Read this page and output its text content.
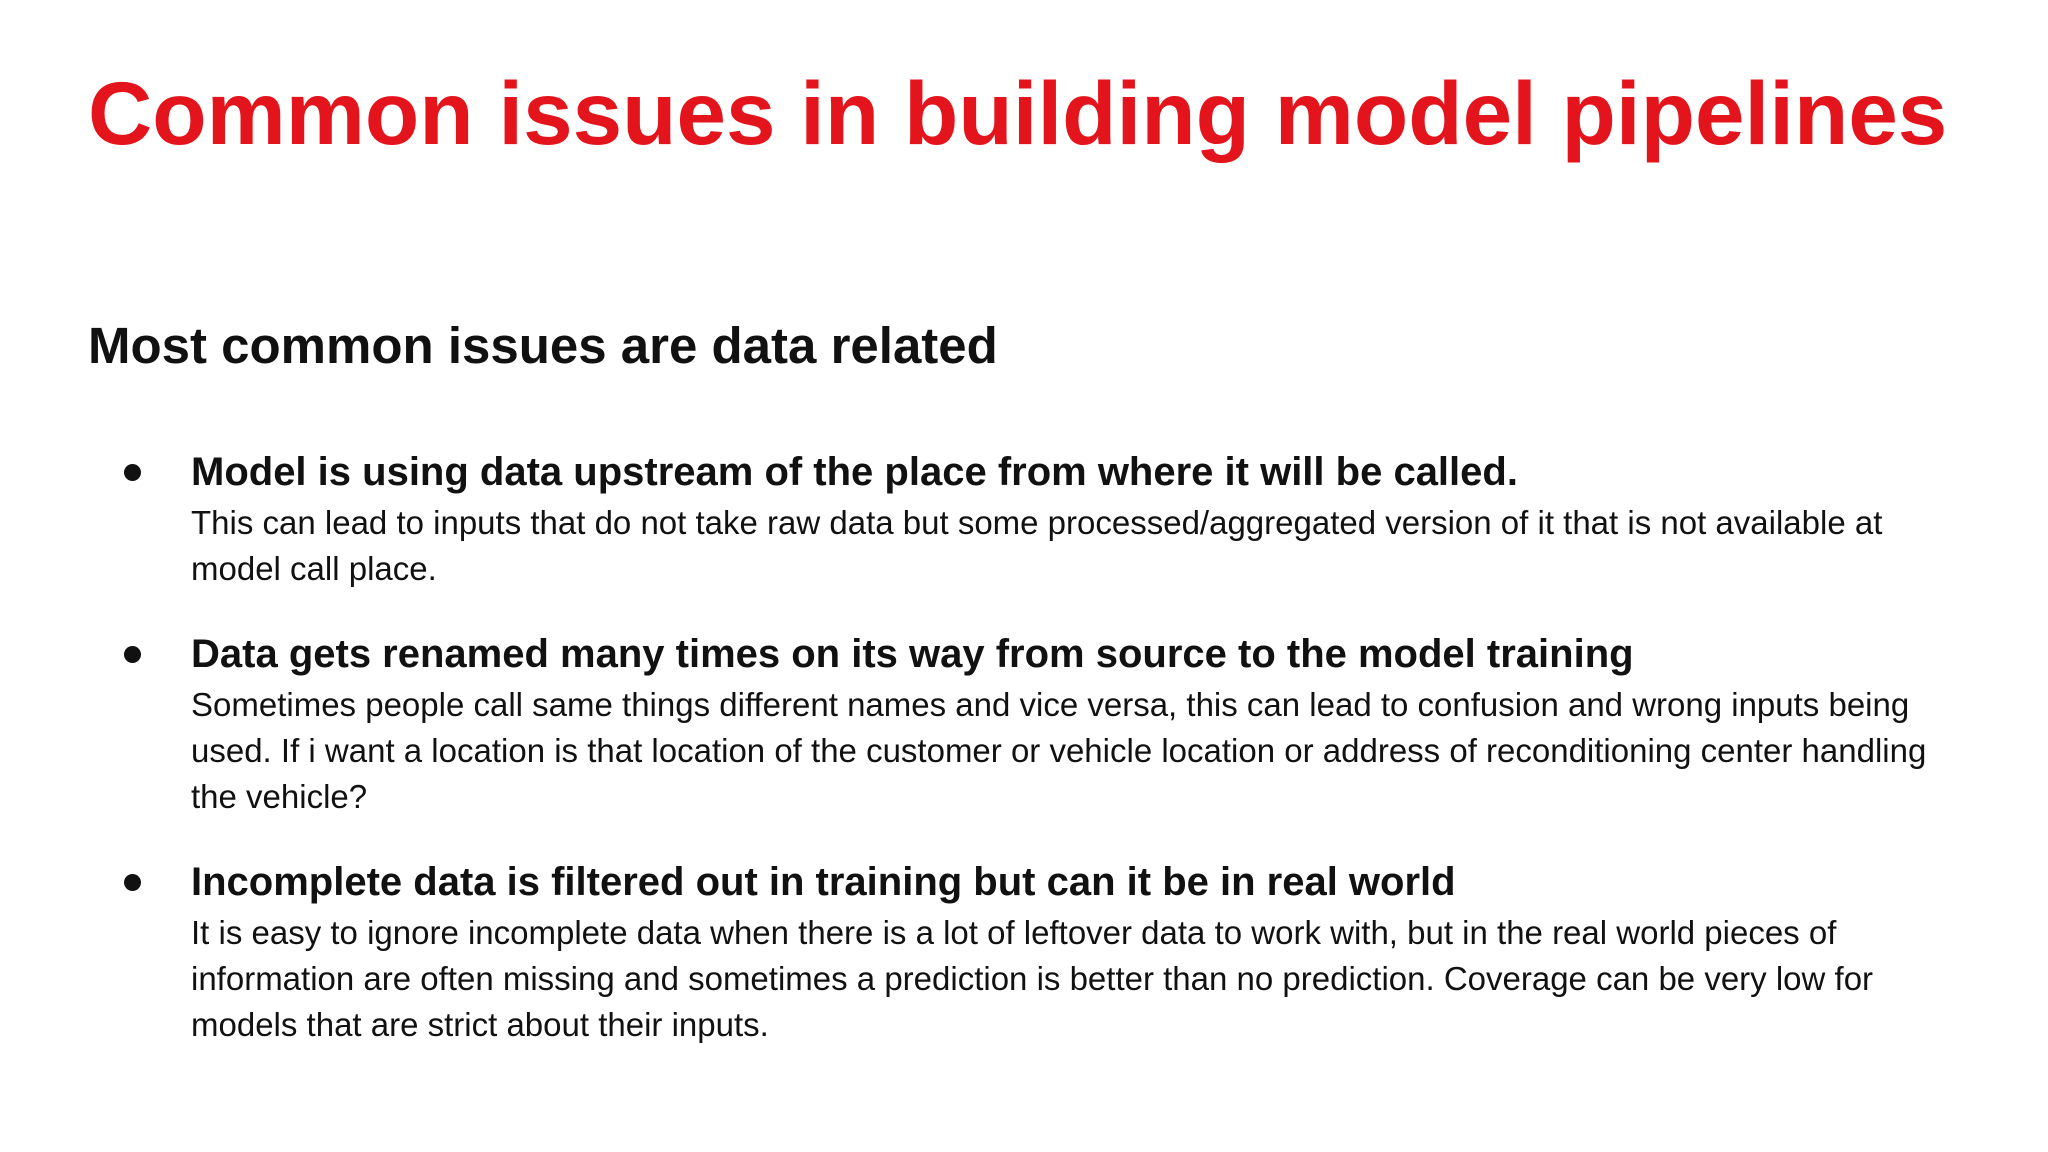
Common issues in building model pipelines
Most common issues are data related

Model is using data upstream of the place from where it will be called.

This can lead to inputs that do not take raw data but some processed/aggregated version of it that is not available at model call place.

Data gets renamed many times on its way from source to the model training

Sometimes people call same things different names and vice versa, this can lead to confusion and wrong inputs being used. If i want a location is that location of the customer or vehicle location or address of reconditioning center handling the vehicle?

Incomplete data is filtered out in training but can it be in real world

It is easy to ignore incomplete data when there is a lot of leftover data to work with, but in the real world pieces of information are often missing and sometimes a prediction is better than no prediction. Coverage can be very low for models that are strict about their inputs.
